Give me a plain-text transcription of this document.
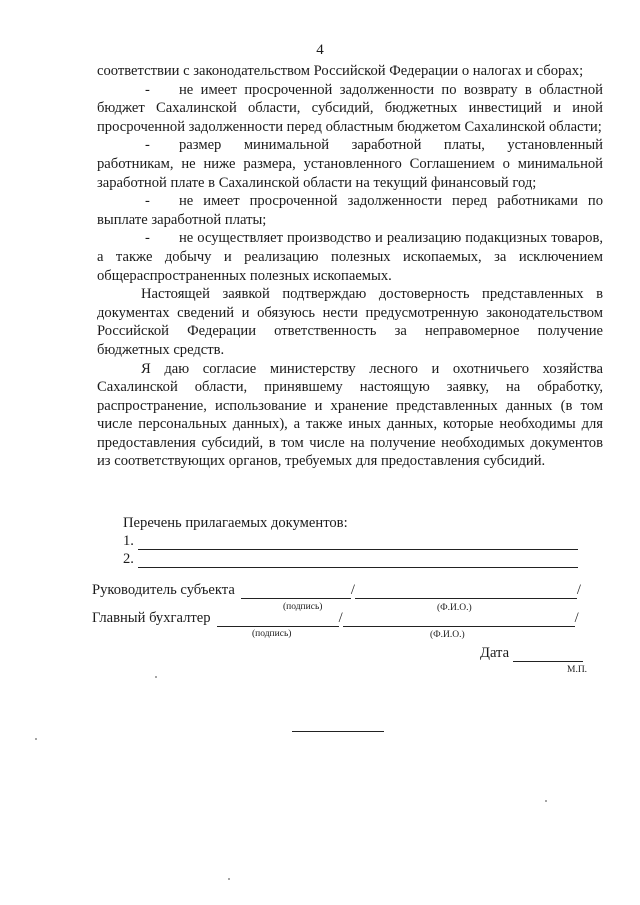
4

соответствии с законодательством Российской Федерации о налогах и сборах;

- не имеет просроченной задолженности по возврату в областной бюджет Сахалинской области, субсидий, бюджетных инвестиций и иной просроченной задолженности перед областным бюджетом Сахалинской области;

- размер минимальной заработной платы, установленный работникам, не ниже размера, установленного Соглашением о минимальной заработной плате в Сахалинской области на текущий финансовый год;

- не имеет просроченной задолженности перед работниками по выплате заработной платы;

- не осуществляет производство и реализацию подакцизных товаров, а также добычу и реализацию полезных ископаемых, за исключением общераспространенных полезных ископаемых.

Настоящей заявкой подтверждаю достоверность представленных в документах сведений и обязуюсь нести предусмотренную законодательством Российской Федерации ответственность за неправомерное получение бюджетных средств.

Я даю согласие министерству лесного и охотничьего хозяйства Сахалинской области, принявшему настоящую заявку, на обработку, распространение, использование и хранение представленных данных (в том числе персональных данных), а также иных данных, которые необходимы для предоставления субсидий, в том числе на получение необходимых документов из соответствующих органов, требуемых для предоставления субсидий.

Перечень прилагаемых документов:
1.
2.
Руководитель субъекта	/	/
(подпись)	(Ф.И.О.)
Главный бухгалтер	/	/
(подпись)	(Ф.И.О.)
Дата
М.П.
